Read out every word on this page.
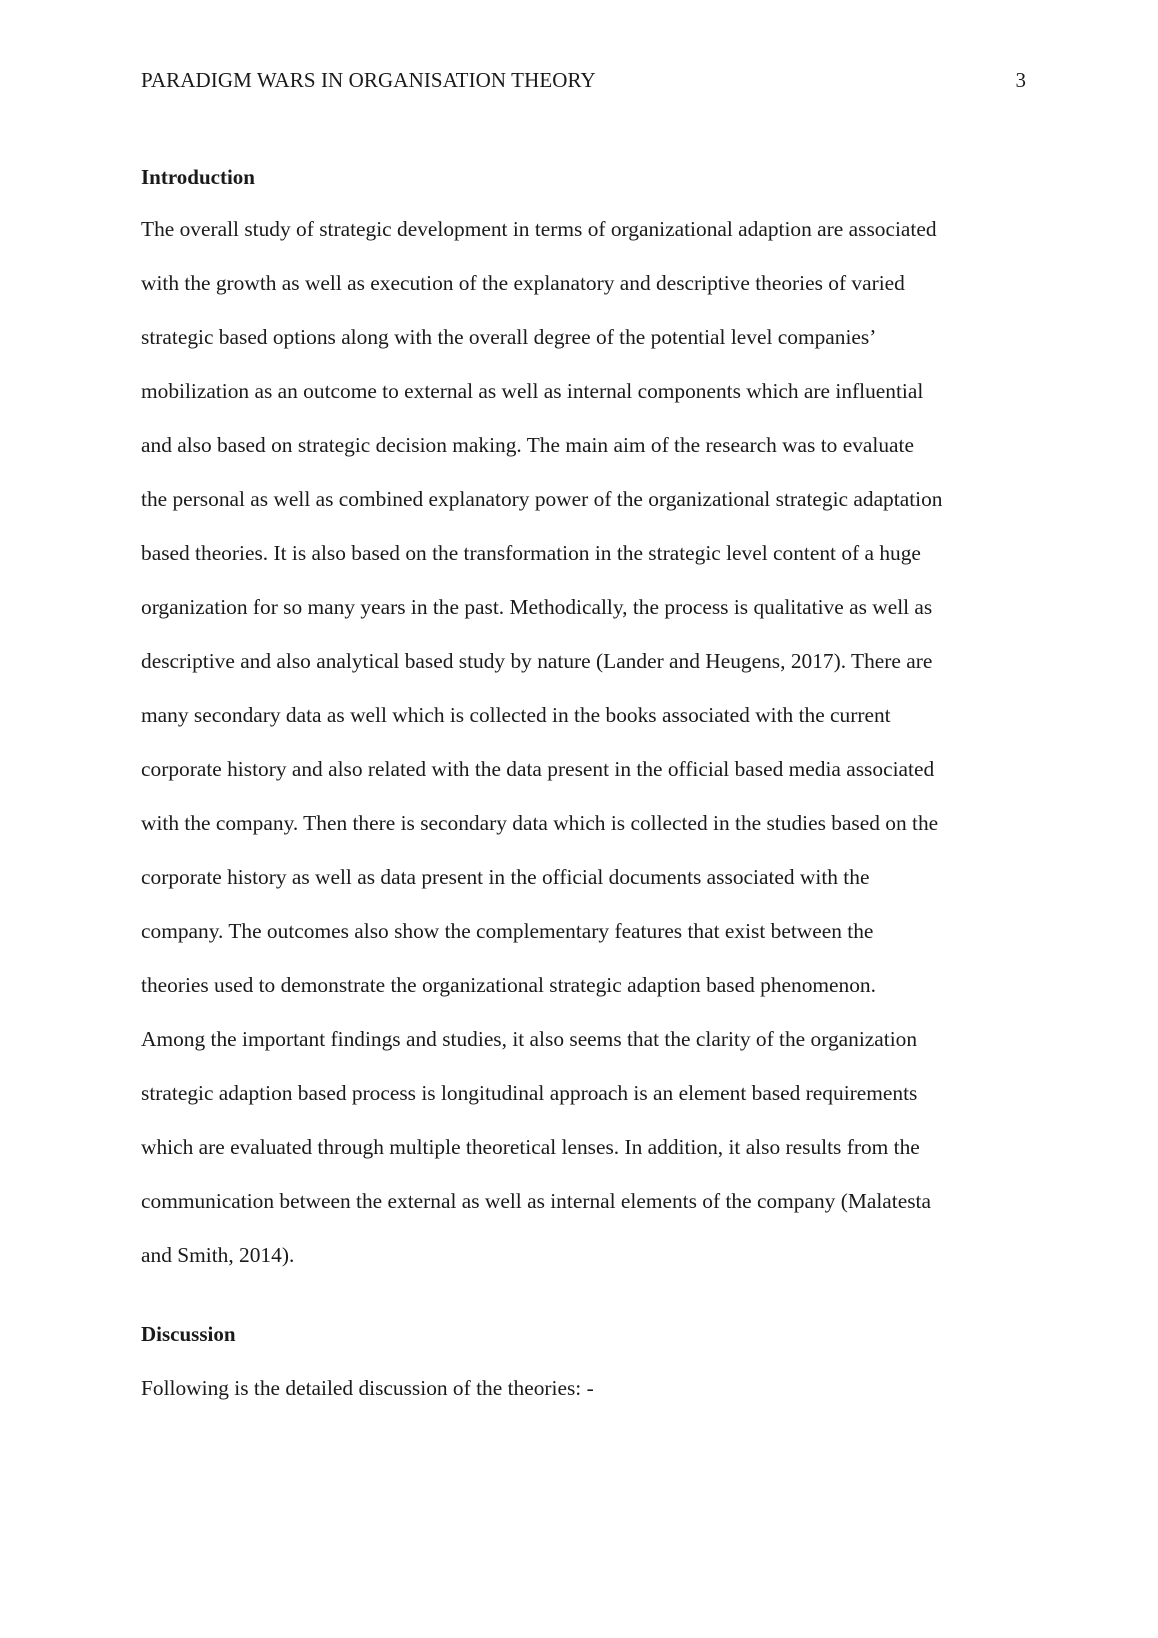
PARADIGM WARS IN ORGANISATION THEORY	3
Introduction
The overall study of strategic development in terms of organizational adaption are associated
with the growth as well as execution of the explanatory and descriptive theories of varied
strategic based options along with the overall degree of the potential level companies’
mobilization as an outcome to external as well as internal components which are influential
and also based on strategic decision making. The main aim of the research was to evaluate
the personal as well as combined explanatory power of the organizational strategic adaptation
based theories. It is also based on the transformation in the strategic level content of a huge
organization for so many years in the past. Methodically, the process is qualitative as well as
descriptive and also analytical based study by nature (Lander and Heugens, 2017). There are
many secondary data as well which is collected in the books associated with the current
corporate history and also related with the data present in the official based media associated
with the company. Then there is secondary data which is collected in the studies based on the
corporate history as well as data present in the official documents associated with the
company. The outcomes also show the complementary features that exist between the
theories used to demonstrate the organizational strategic adaption based phenomenon.
Among the important findings and studies, it also seems that the clarity of the organization
strategic adaption based process is longitudinal approach is an element based requirements
which are evaluated through multiple theoretical lenses. In addition, it also results from the
communication between the external as well as internal elements of the company (Malatesta
and Smith, 2014).
Discussion
Following is the detailed discussion of the theories: -
